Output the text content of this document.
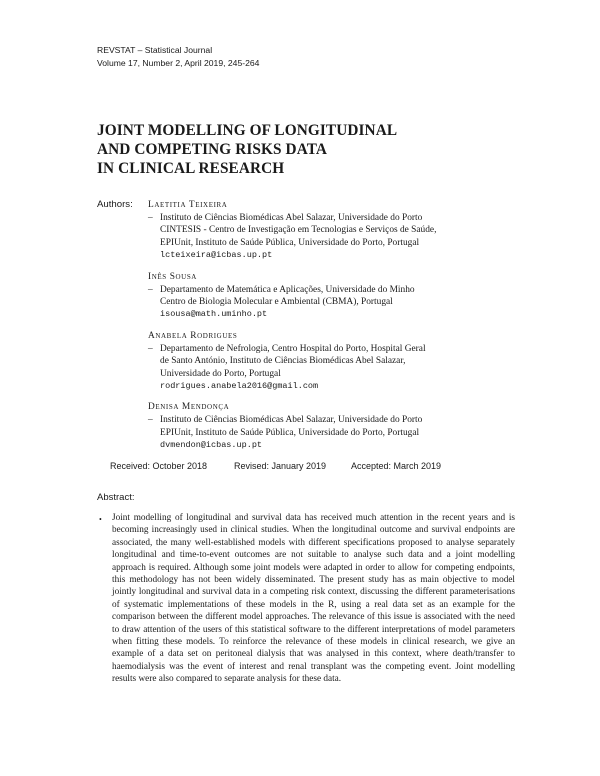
REVSTAT – Statistical Journal
Volume 17, Number 2, April 2019, 245-264
JOINT MODELLING OF LONGITUDINAL
AND COMPETING RISKS DATA
IN CLINICAL RESEARCH
Authors: Laetitia Teixeira
– Instituto de Ciências Biomédicas Abel Salazar, Universidade do Porto
CINTESIS - Centro de Investigação em Tecnologias e Serviços de Saúde,
EPIUnit, Instituto de Saúde Pública, Universidade do Porto, Portugal
lcteixeira@icbas.up.pt
Inês Sousa
– Departamento de Matemática e Aplicações, Universidade do Minho
Centro de Biologia Molecular e Ambiental (CBMA), Portugal
isousa@math.uminho.pt
Anabela Rodrigues
– Departamento de Nefrologia, Centro Hospital do Porto, Hospital Geral
de Santo António, Instituto de Ciências Biomédicas Abel Salazar,
Universidade do Porto, Portugal
rodrigues.anabela2016@gmail.com
Denisa Mendonça
– Instituto de Ciências Biomédicas Abel Salazar, Universidade do Porto
EPIUnit, Instituto de Saúde Pública, Universidade do Porto, Portugal
dvmendon@icbas.up.pt
Received: October 2018	Revised: January 2019	Accepted: March 2019
Abstract:
• Joint modelling of longitudinal and survival data has received much attention in the recent years and is becoming increasingly used in clinical studies. When the longitudinal outcome and survival endpoints are associated, the many well-established models with different specifications proposed to analyse separately longitudinal and time-to-event outcomes are not suitable to analyse such data and a joint modelling approach is required. Although some joint models were adapted in order to allow for competing endpoints, this methodology has not been widely disseminated. The present study has as main objective to model jointly longitudinal and survival data in a competing risk context, discussing the different parameterisations of systematic implementations of these models in the R, using a real data set as an example for the comparison between the different model approaches. The relevance of this issue is associated with the need to draw attention of the users of this statistical software to the different interpretations of model parameters when fitting these models. To reinforce the relevance of these models in clinical research, we give an example of a data set on peritoneal dialysis that was analysed in this context, where death/transfer to haemodialysis was the event of interest and renal transplant was the competing event. Joint modelling results were also compared to separate analysis for these data.
